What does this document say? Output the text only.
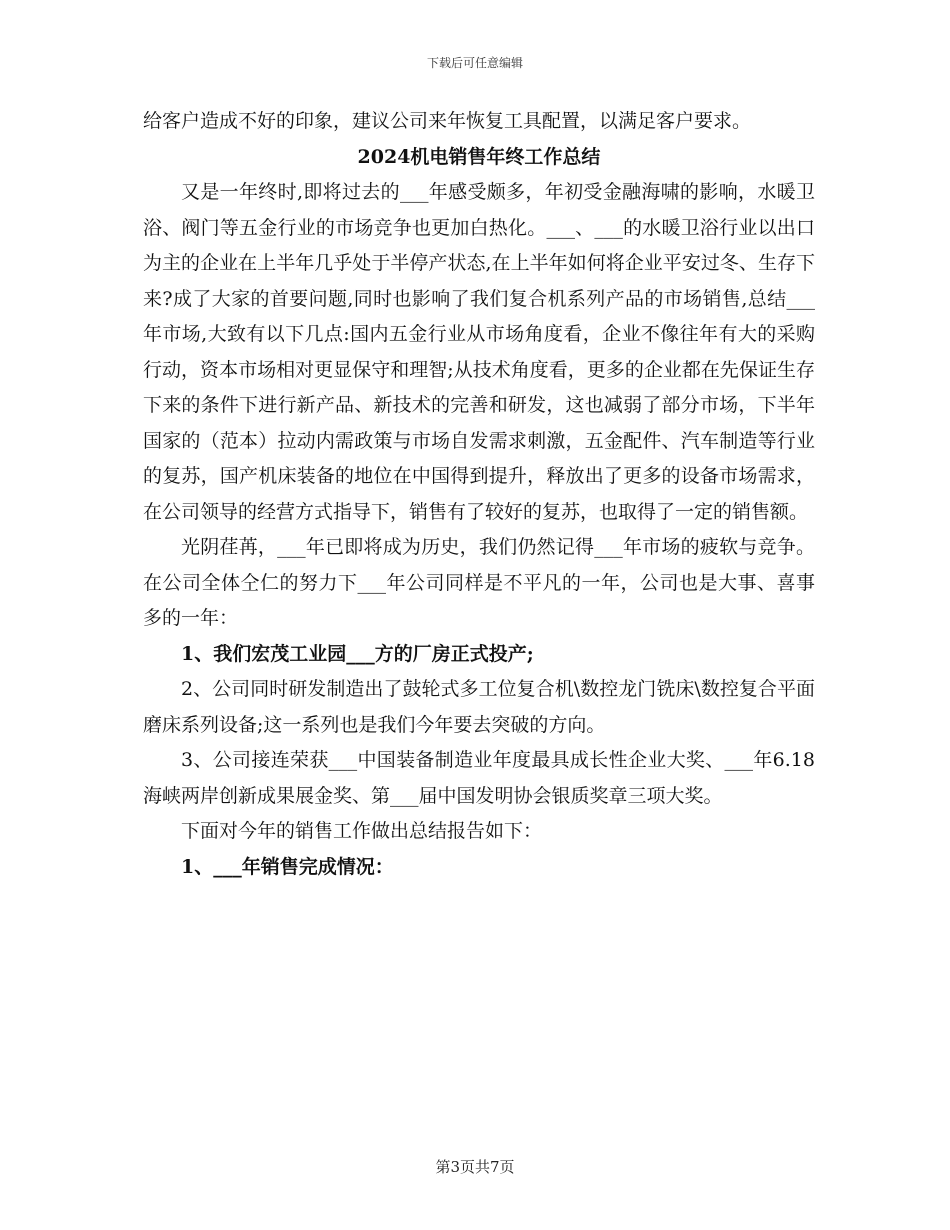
下载后可任意编辑

给客户造成不好的印象，建议公司来年恢复工具配置，以满足客户要求。

2024机电销售年终工作总结

又是一年终时,即将过去的___年感受颇多，年初受金融海啸的影响，水暖卫浴、阀门等五金行业的市场竞争也更加白热化。___、___的水暖卫浴行业以出口为主的企业在上半年几乎处于半停产状态,在上半年如何将企业平安过冬、生存下来?成了大家的首要问题,同时也影响了我们复合机系列产品的市场销售,总结___年市场,大致有以下几点:国内五金行业从市场角度看，企业不像往年有大的采购行动，资本市场相对更显保守和理智;从技术角度看，更多的企业都在先保证生存下来的条件下进行新产品、新技术的完善和研发，这也减弱了部分市场，下半年国家的（范本）拉动内需政策与市场自发需求刺激，五金配件、汽车制造等行业的复苏，国产机床装备的地位在中国得到提升，释放出了更多的设备市场需求，在公司领导的经营方式指导下，销售有了较好的复苏，也取得了一定的销售额。

光阴荏苒，___年已即将成为历史，我们仍然记得___年市场的疲软与竞争。在公司全体仝仁的努力下___年公司同样是不平凡的一年，公司也是大事、喜事多的一年：

1、我们宏茂工业园___方的厂房正式投产;

2、公司同时研发制造出了鼓轮式多工位复合机\数控龙门铣床\数控复合平面磨床系列设备;这一系列也是我们今年要去突破的方向。

3、公司接连荣获___中国装备制造业年度最具成长性企业大奖、___年6.18海峡两岸创新成果展金奖、第___届中国发明协会银质奖章三项大奖。

下面对今年的销售工作做出总结报告如下：

1、___年销售完成情况：

第3页共7页
